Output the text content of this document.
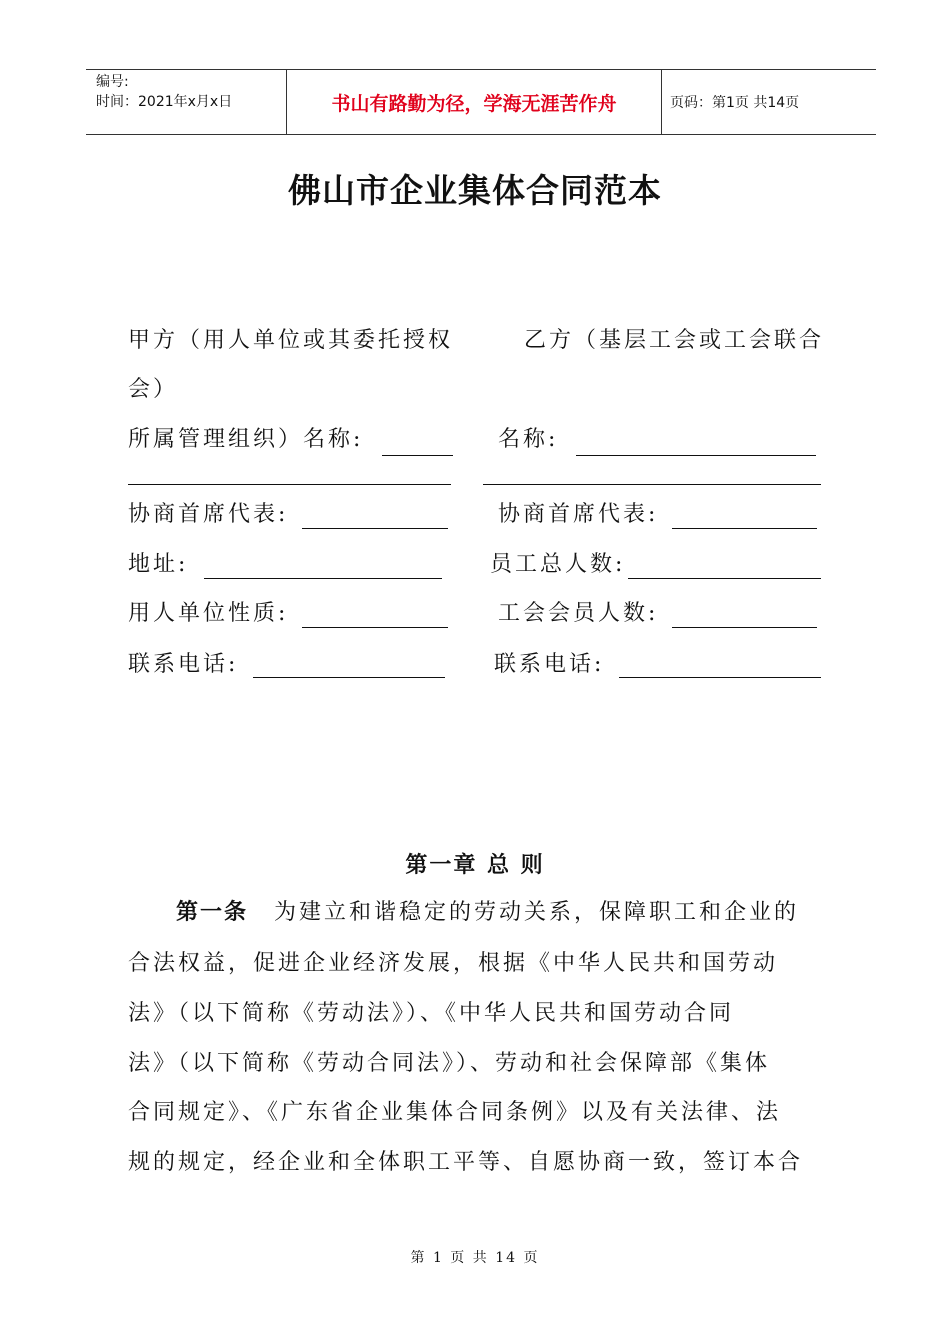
编号:
时间：2021年x月x日	书山有路勤为径，学海无涯苦作舟	页码：第1页 共14页
佛山市企业集体合同范本
甲方（用人单位或其委托授权	乙方（基层工会或工会联合
会）
所属管理组织）名称:	名称:
协商首席代表:	协商首席代表:
地址:	员工总人数:
用人单位性质:	工会会员人数:
联系电话:	联系电话:
第一章 总 则
第一条 为建立和谐稳定的劳动关系，保障职工和企业的
合法权益，促进企业经济发展，根据《中华人民共和国劳动
法》（以下简称《劳动法》）、《中华人民共和国劳动合同
法》（以下简称《劳动合同法》）、劳动和社会保障部《集体
合同规定》、《广东省企业集体合同条例》以及有关法律、法
规的规定，经企业和全体职工平等、自愿协商一致，签订本合
第 1 页 共 14 页
